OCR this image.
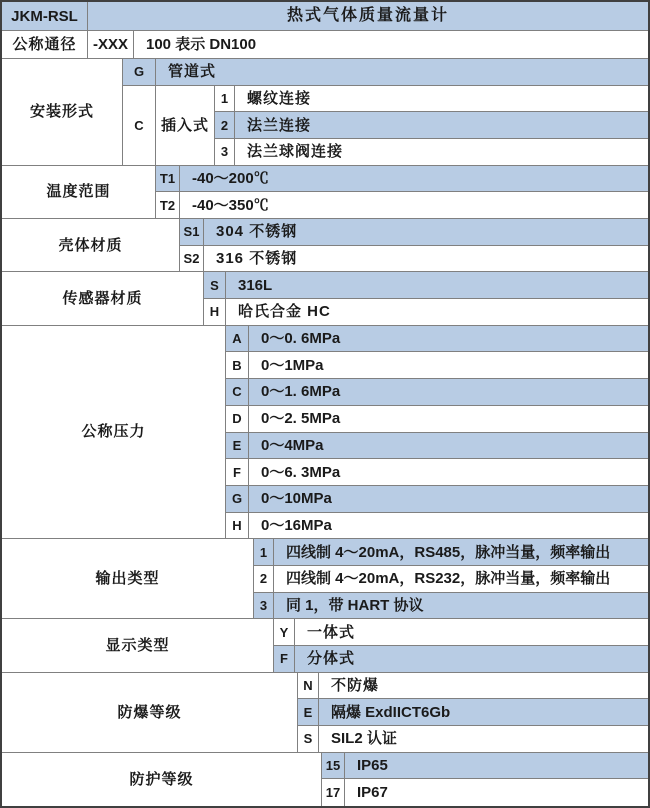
JKM-RSL	热式气体质量流量计
公称通径	-XXX	100 表示 DN100
安装形式
G	管道式
C	插入式
1	螺纹连接
2	法兰连接
3	法兰球阀连接
温度范围
T1	-40～200℃
T2	-40～350℃
壳体材质
S1	304 不锈钢
S2	316 不锈钢
传感器材质
S	316L
H	哈氏合金 HC
公称压力
A	0～0. 6MPa
B	0～1MPa
C	0～1. 6MPa
D	0～2. 5MPa
E	0～4MPa
F	0～6. 3MPa
G	0～10MPa
H	0～16MPa
输出类型
1	四线制 4～20mA，RS485，脉冲当量，频率输出
2	四线制 4～20mA，RS232，脉冲当量，频率输出
3	同 1，带 HART 协议
显示类型
Y	一体式
F	分体式
防爆等级
N	不防爆
E	隔爆 ExdIICT6Gb
S	SIL2 认证
防护等级
15	IP65
17	IP67
